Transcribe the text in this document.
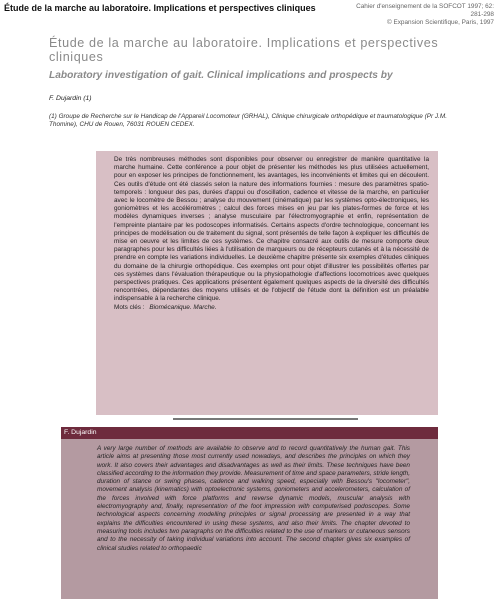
Étude de la marche au laboratoire. Implications et perspectives cliniques	Cahier d'enseignement de la SOFCOT 1997; 62:
281-298
© Expansion Scientifique, Paris, 1997
Étude de la marche au laboratoire. Implications et perspectives cliniques
Laboratory investigation of gait. Clinical implications and prospects by
F. Dujardin (1)
(1) Groupe de Recherche sur le Handicap de l'Appareil Locomoteur (GRHAL), Clinique chirurgicale orthopédique et traumatologique (Pr J.M. Thomine), CHU de Rouen, 76031 ROUEN CEDEX.

De très nombreuses méthodes sont disponibles pour observer ou enregistrer de manière quantitative la marche humaine. Cette conférence a pour objet de présenter les méthodes les plus utilisées actuellement, pour en exposer les principes de fonctionnement, les avantages, les inconvénients et limites qui en découlent. Ces outils d'étude ont été classés selon la nature des informations fournies : mesure des paramètres spatio-temporels : longueur des pas, durées d'appui ou d'oscillation, cadence et vitesse de la marche, en particulier avec le locomètre de Bessou ; analyse du mouvement (cinématique) par les systèmes opto-électroniques, les goniomètres et les accéléromètres ; calcul des forces mises en jeu par les plates-formes de force et les modèles dynamiques inverses ; analyse musculaire par l'électromyographie et enfin, représentation de l'empreinte plantaire par les podoscopes informatisés. Certains aspects d'ordre technologique, concernant les principes de modélisation ou de traitement du signal, sont présentés de telle façon à expliquer les difficultés de mise en oeuvre et les limites de ces systèmes. Ce chapitre consacré aux outils de mesure comporte deux paragraphes pour les difficultés liées à l'utilisation de marqueurs ou de récepteurs cutanés et à la nécessité de prendre en compte les variations individuelles. Le deuxième chapitre présente six exemples d'études cliniques du domaine de la chirurgie orthopédique. Ces exemples ont pour objet d'illustrer les possibilités offertes par ces systèmes dans l'évaluation thérapeutique ou la physiopathologie d'affections locomotrices avec quelques perspectives pratiques. Ces applications présentent également quelques aspects de la diversité des difficultés rencontrées, dépendantes des moyens utilisés et de l'objectif de l'étude dont la définition est un préalable indispensable à la recherche clinique.

Mots clés : Biomécanique. Marche.

F. Dujardin
A very large number of methods are available to observe and to record quantitatively the human gait. This article aims at presenting those most currently used nowadays, and describes the principles on which they work. It also covers their advantages and disadvantages as well as their limits. These techniques have been classified according to the information they provide. Measurement of time and space parameters, stride length, duration of stance or swing phases, cadence and walking speed, especially with Bessou's "locometer", movement analysis (kinematics) with optoelectronic systems, goniometers and accelerometers, calculation of the forces involved with force platforms and reverse dynamic models, muscular analysis with electromyography and, finally, representation of the foot impression with computerised podoscopes. Some technological aspects concerning modelling principles or signal processing are presented in a way that explains the difficulties encountered in using these systems, and also their limits. The chapter devoted to measuring tools includes two paragraphs on the difficulties related to the use of markers or cutaneous sensors and to the necessity of taking individual variations into account. The second chapter gives six examples of clinical studies related to orthopaedic
